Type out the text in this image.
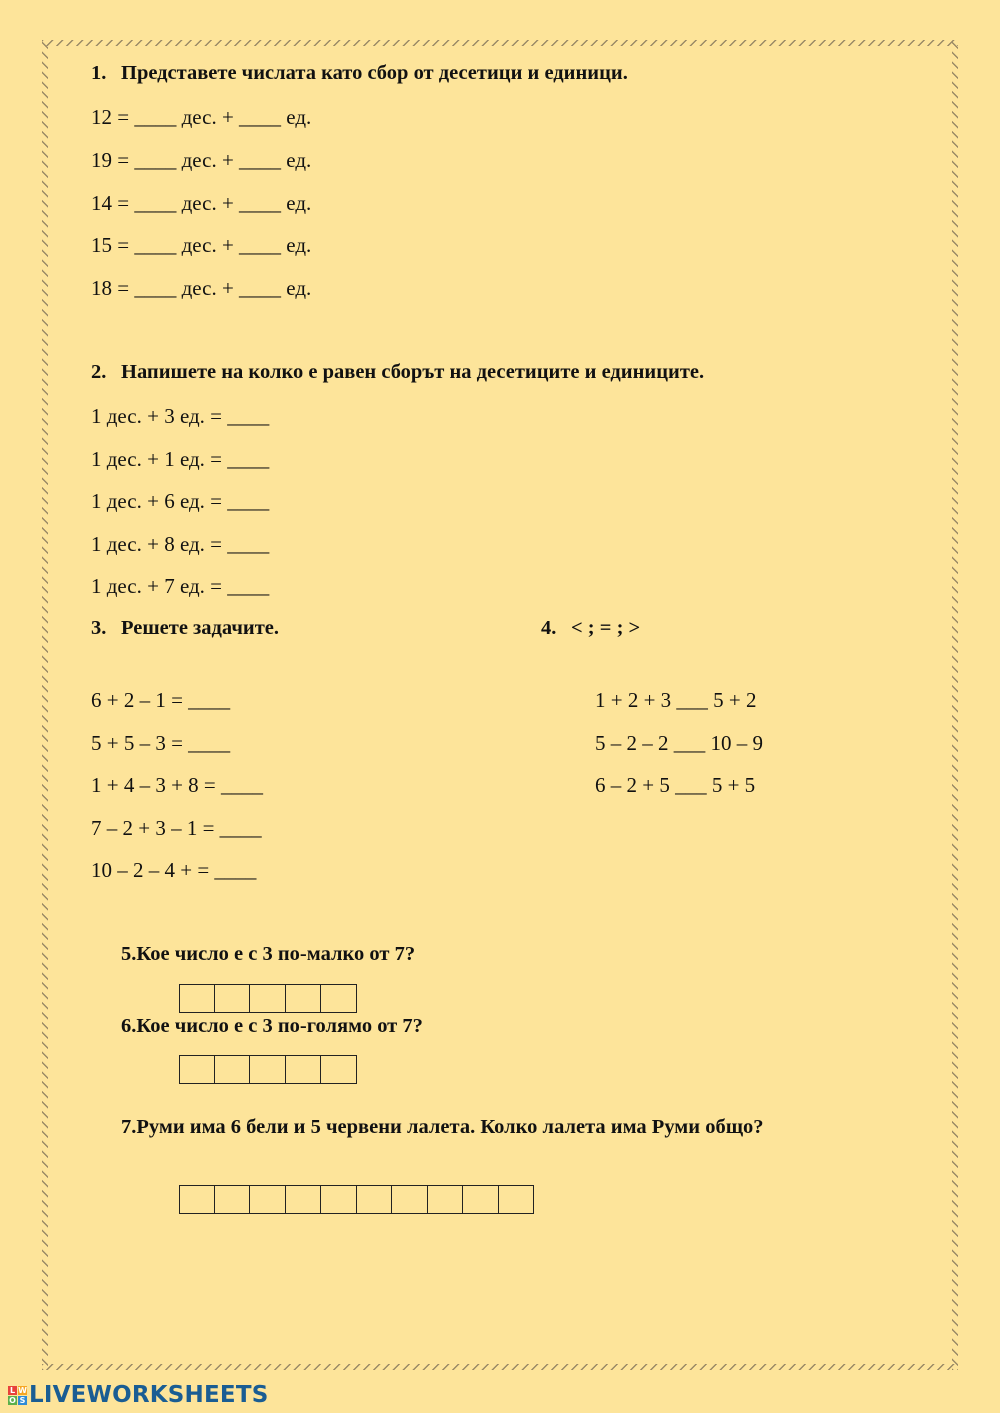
1. Представете числата като сбор от десетици и единици.
12 = ____ дес. + ____ ед.
19 = ____ дес. + ____ ед.
14 = ____ дес. + ____ ед.
15 = ____ дес. + ____ ед.
18 = ____ дес. + ____ ед.
2. Напишете на колко е равен сборът на десетиците и единиците.
1 дес. + 3 ед. = ____
1 дес. + 1 ед. = ____
1 дес. + 6 ед. = ____
1 дес. + 8 ед. = ____
1 дес. + 7 ед. = ____
3. Решете задачите.
6 + 2 – 1 = ____
5 + 5 – 3 = ____
1 + 4 – 3 + 8 = ____
7 – 2 + 3 – 1 = ____
10 – 2 – 4 + = ____
4. < ; = ; >
1 + 2 + 3 ___ 5 + 2
5 – 2 – 2 ___ 10 – 9
6 – 2 + 5 ___ 5 + 5
5.Кое число е с 3 по-малко от 7?
6.Кое число е с 3 по-голямо от 7?
7.Руми има 6 бели и 5 червени лалета. Колко лалета има Руми общо?
L W
O S LIVEWORKSHEETS
